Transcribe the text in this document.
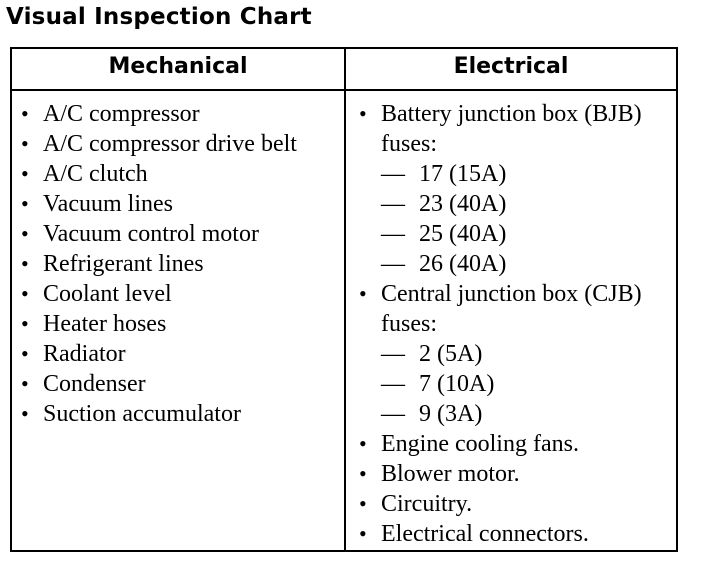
Visual Inspection Chart
Mechanical	Electrical
• A/C compressor
• A/C compressor drive belt
• A/C clutch
• Vacuum lines
• Vacuum control motor
• Refrigerant lines
• Coolant level
• Heater hoses
• Radiator
• Condenser
• Suction accumulator
• Battery junction box (BJB) fuses:
— 17 (15A)
— 23 (40A)
— 25 (40A)
— 26 (40A)
• Central junction box (CJB) fuses:
— 2 (5A)
— 7 (10A)
— 9 (3A)
• Engine cooling fans.
• Blower motor.
• Circuitry.
• Electrical connectors.
